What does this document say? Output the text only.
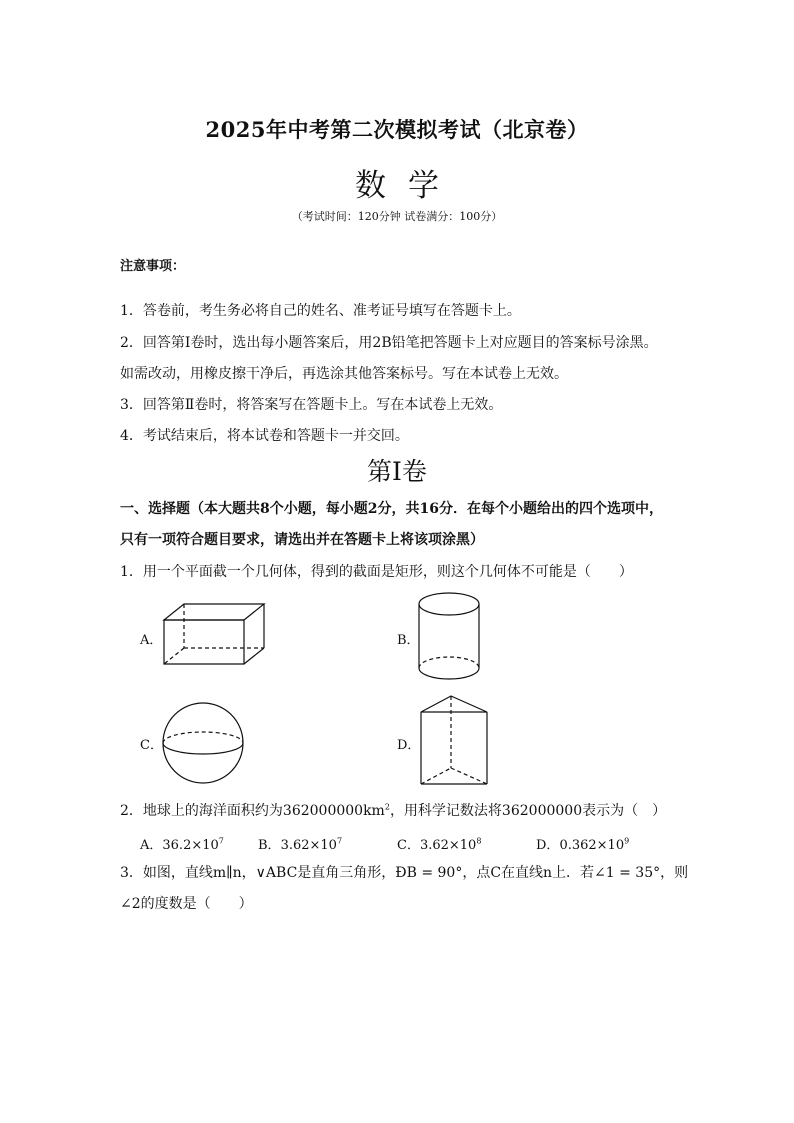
2025年中考第二次模拟考试（北京卷）
数学
（考试时间：120分钟 试卷满分：100分）
注意事项：
1．答卷前，考生务必将自己的姓名、准考证号填写在答题卡上。
2．回答第Ⅰ卷时，选出每小题答案后，用2B铅笔把答题卡上对应题目的答案标号涂黑。
如需改动，用橡皮擦干净后，再选涂其他答案标号。写在本试卷上无效。
3．回答第Ⅱ卷时，将答案写在答题卡上。写在本试卷上无效。
4．考试结束后，将本试卷和答题卡一并交回。
第Ⅰ卷
一、选择题（本大题共8个小题，每小题2分，共16分．在每个小题给出的四个选项中，
只有一项符合题目要求，请选出并在答题卡上将该项涂黑）
1．用一个平面截一个几何体，得到的截面是矩形，则这个几何体不可能是（　　）
A．	B．
C．	D．
2．地球上的海洋面积约为$362000000km^2$，用科学记数法将362000000表示为（　）
A．$36.2\times 10^7$	B．$3.62\times 10^7$	C．$3.62\times 10^8$	D．$0.362\times 10^9$
3．如图，直线m∥n，∨ABC是直角三角形，ÐB = 90°，点C在直线n上．若∠1 = 35°，则
∠2的度数是（　　）
